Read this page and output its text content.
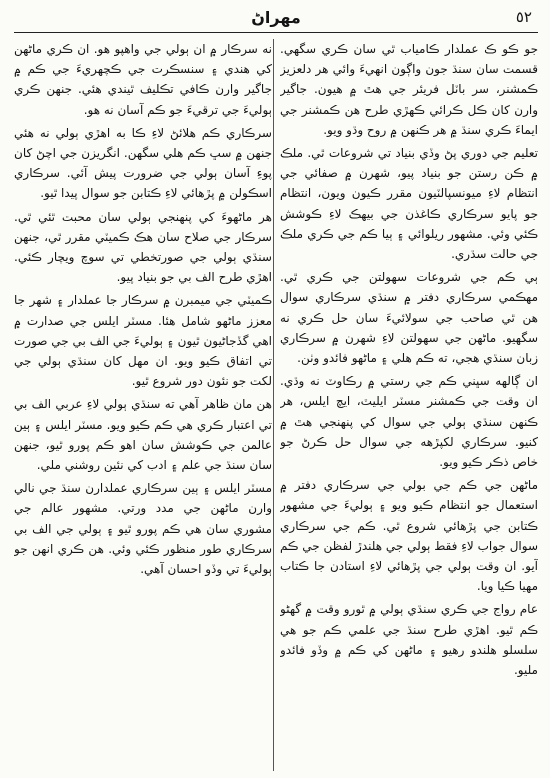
مهراڻ	٥٢

جو ڪو ڪ عملدار ڪامياب ٿي سان ڪري سگهي. قسمت سان سنڌ جون واڳون انهيءَ وائي هر دلعزيز ڪمشنر، سر باٽل فريئر جي هٿ ۾ هيون. جاگير وارن کان ڪل ڪرائي ڪهڙي طرح هن ڪمشنر جي ايماءَ ڪري سنڌ ۾ هر ڪنهن ۾ روح وڌو ويو.

تعليم جي دوري پڻ وڏي بنياد تي شروعات ٿي. ملڪ ۾ ڪن رستن جو بنياد پيو، شهرن ۾ صفائي جي انتظام لاءِ ميونسپالٽيون مقرر ڪيون ويون، انتظام جو پايو سرڪاري ڪاغذن جي بيهڪ لاءِ ڪوشش ڪئي وئي. مشهور ريلوائي ۽ ٻيا ڪم جي ڪري ملڪ جي حالت سڌري.

ٻي ڪم جي شروعات سهولتن جي ڪري ٿي. مهڪمي سرڪاري دفتر ۾ سنڌي سرڪاري سوال هن ٿي صاحب جي سولائيءَ سان حل ڪري نه سگهيو. ماڻهن جي سهولتن لاءِ شهرن ۾ سرڪاري زبان سنڌي هجي، ته ڪم هلي ۽ ماڻهو فائدو وٺن.

ان ڳالهه سڀني ڪم جي رستي ۾ رڪاوٽ نه وڌي. ان وقت جي ڪمشنر مسٽر ايليٽ، ايچ ايلس، هر ڪنهن سنڌي ٻولي جي سوال کي پنهنجي هٿ ۾ کنيو. سرڪاري لکپڙهه جي سوال حل ڪرڻ جو خاص ذڪر ڪيو ويو.

ماڻهن جي ڪم جي بولي جي سرڪاري دفتر ۾ استعمال جو انتظام ڪيو ويو ۽ ٻوليءَ جي مشهور ڪتابن جي پڙهائي شروع ٿي. ڪم جي سرڪاري سوال جواب لاءِ فقط ٻولي جي هلندڙ لفظن جي ڪم آيو. ان وقت ٻولي جي پڙهائي لاءِ استادن جا ڪتاب مهيا ڪيا ويا.

عام رواج جي ڪري سنڌي ٻولي ۾ ٿورو وقت ۾ گهڻو ڪم ٿيو. اهڙي طرح سنڌ جي علمي ڪم جو هي سلسلو هلندو رهيو ۽ ماڻهن کي ڪم ۾ وڏو فائدو مليو.

نه سرڪار ۾ ان ٻولي جي واهپو هو. ان ڪري ماڻهن کي هندي ۽ سنسڪرت جي ڪچهريءَ جي ڪم ۾ جاگير وارن ڪافي تڪليف ٿيندي هئي. جنهن ڪري ٻوليءَ جي ترقيءَ جو ڪم آسان نه هو.

سرڪاري ڪم هلائڻ لاءِ ڪا به اهڙي ٻولي نه هئي جنهن ۾ سڀ ڪم هلي سگهن. انگريزن جي اچڻ کان پوءِ آسان ٻولي جي ضرورت پيش آئي. سرڪاري اسڪولن ۾ پڙهائي لاءِ ڪتابن جو سوال پيدا ٿيو.

هر ماڻهوءَ کي پنهنجي ٻولي سان محبت ٿئي ٿي. سرڪار جي صلاح سان هڪ ڪميٽي مقرر ٿي، جنهن سنڌي ٻولي جي صورتخطي تي سوچ ويچار ڪئي. اهڙي طرح الف بي جو بنياد پيو.

ڪميٽي جي ميمبرن ۾ سرڪار جا عملدار ۽ شهر جا معزز ماڻهو شامل هئا. مسٽر ايلس جي صدارت ۾ اهي گڏجاڻيون ٿيون ۽ ٻوليءَ جي الف بي جي صورت تي اتفاق ڪيو ويو. ان مهل کان سنڌي ٻولي جي لکت جو نئون دور شروع ٿيو.

هن مان ظاهر آهي ته سنڌي ٻولي لاءِ عربي الف بي تي اعتبار ڪري هي ڪم ڪيو ويو. مسٽر ايلس ۽ ٻين عالمن جي ڪوشش سان اهو ڪم پورو ٿيو، جنهن سان سنڌ جي علم ۽ ادب کي نئين روشني ملي.

مسٽر ايلس ۽ ٻين سرڪاري عملدارن سنڌ جي نالي وارن ماڻهن جي مدد ورتي. مشهور عالم جي مشوري سان هي ڪم پورو ٿيو ۽ ٻولي جي الف بي سرڪاري طور منظور ڪئي وئي. هن ڪري انهن جو ٻوليءَ تي وڏو احسان آهي.
